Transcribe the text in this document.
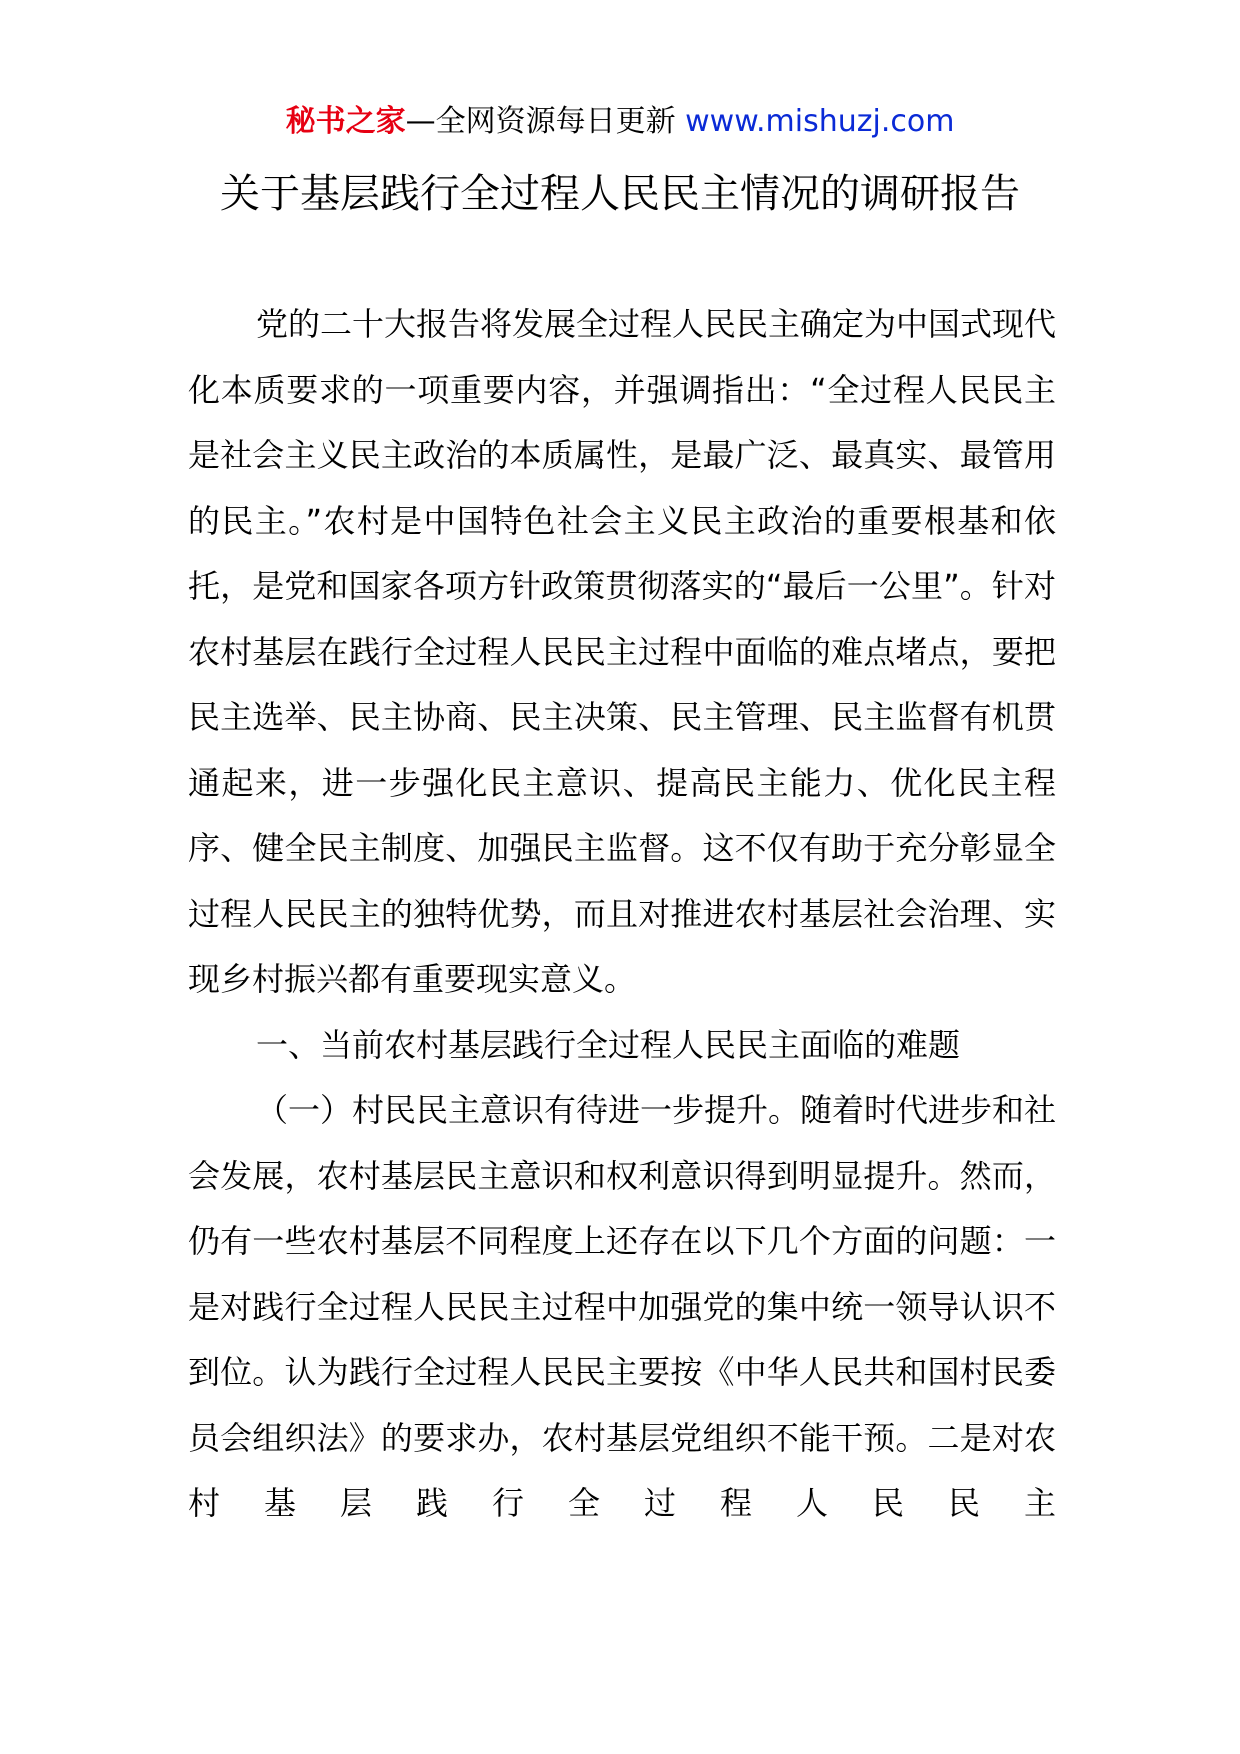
秘书之家—全网资源每日更新 www.mishuzj.com
关于基层践行全过程人民民主情况的调研报告

党的二十大报告将发展全过程人民民主确定为中国式现代化本质要求的一项重要内容，并强调指出：“全过程人民民主是社会主义民主政治的本质属性，是最广泛、最真实、最管用的民主。”农村是中国特色社会主义民主政治的重要根基和依托，是党和国家各项方针政策贯彻落实的“最后一公里”。针对农村基层在践行全过程人民民主过程中面临的难点堵点，要把民主选举、民主协商、民主决策、民主管理、民主监督有机贯通起来，进一步强化民主意识、提高民主能力、优化民主程序、健全民主制度、加强民主监督。这不仅有助于充分彰显全过程人民民主的独特优势，而且对推进农村基层社会治理、实现乡村振兴都有重要现实意义。

一、当前农村基层践行全过程人民民主面临的难题

（一）村民民主意识有待进一步提升。随着时代进步和社会发展，农村基层民主意识和权利意识得到明显提升。然而，仍有一些农村基层不同程度上还存在以下几个方面的问题：一是对践行全过程人民民主过程中加强党的集中统一领导认识不到位。认为践行全过程人民民主要按《中华人民共和国村民委员会组织法》的要求办，农村基层党组织不能干预。二是对农村基层践行全过程人民民主
